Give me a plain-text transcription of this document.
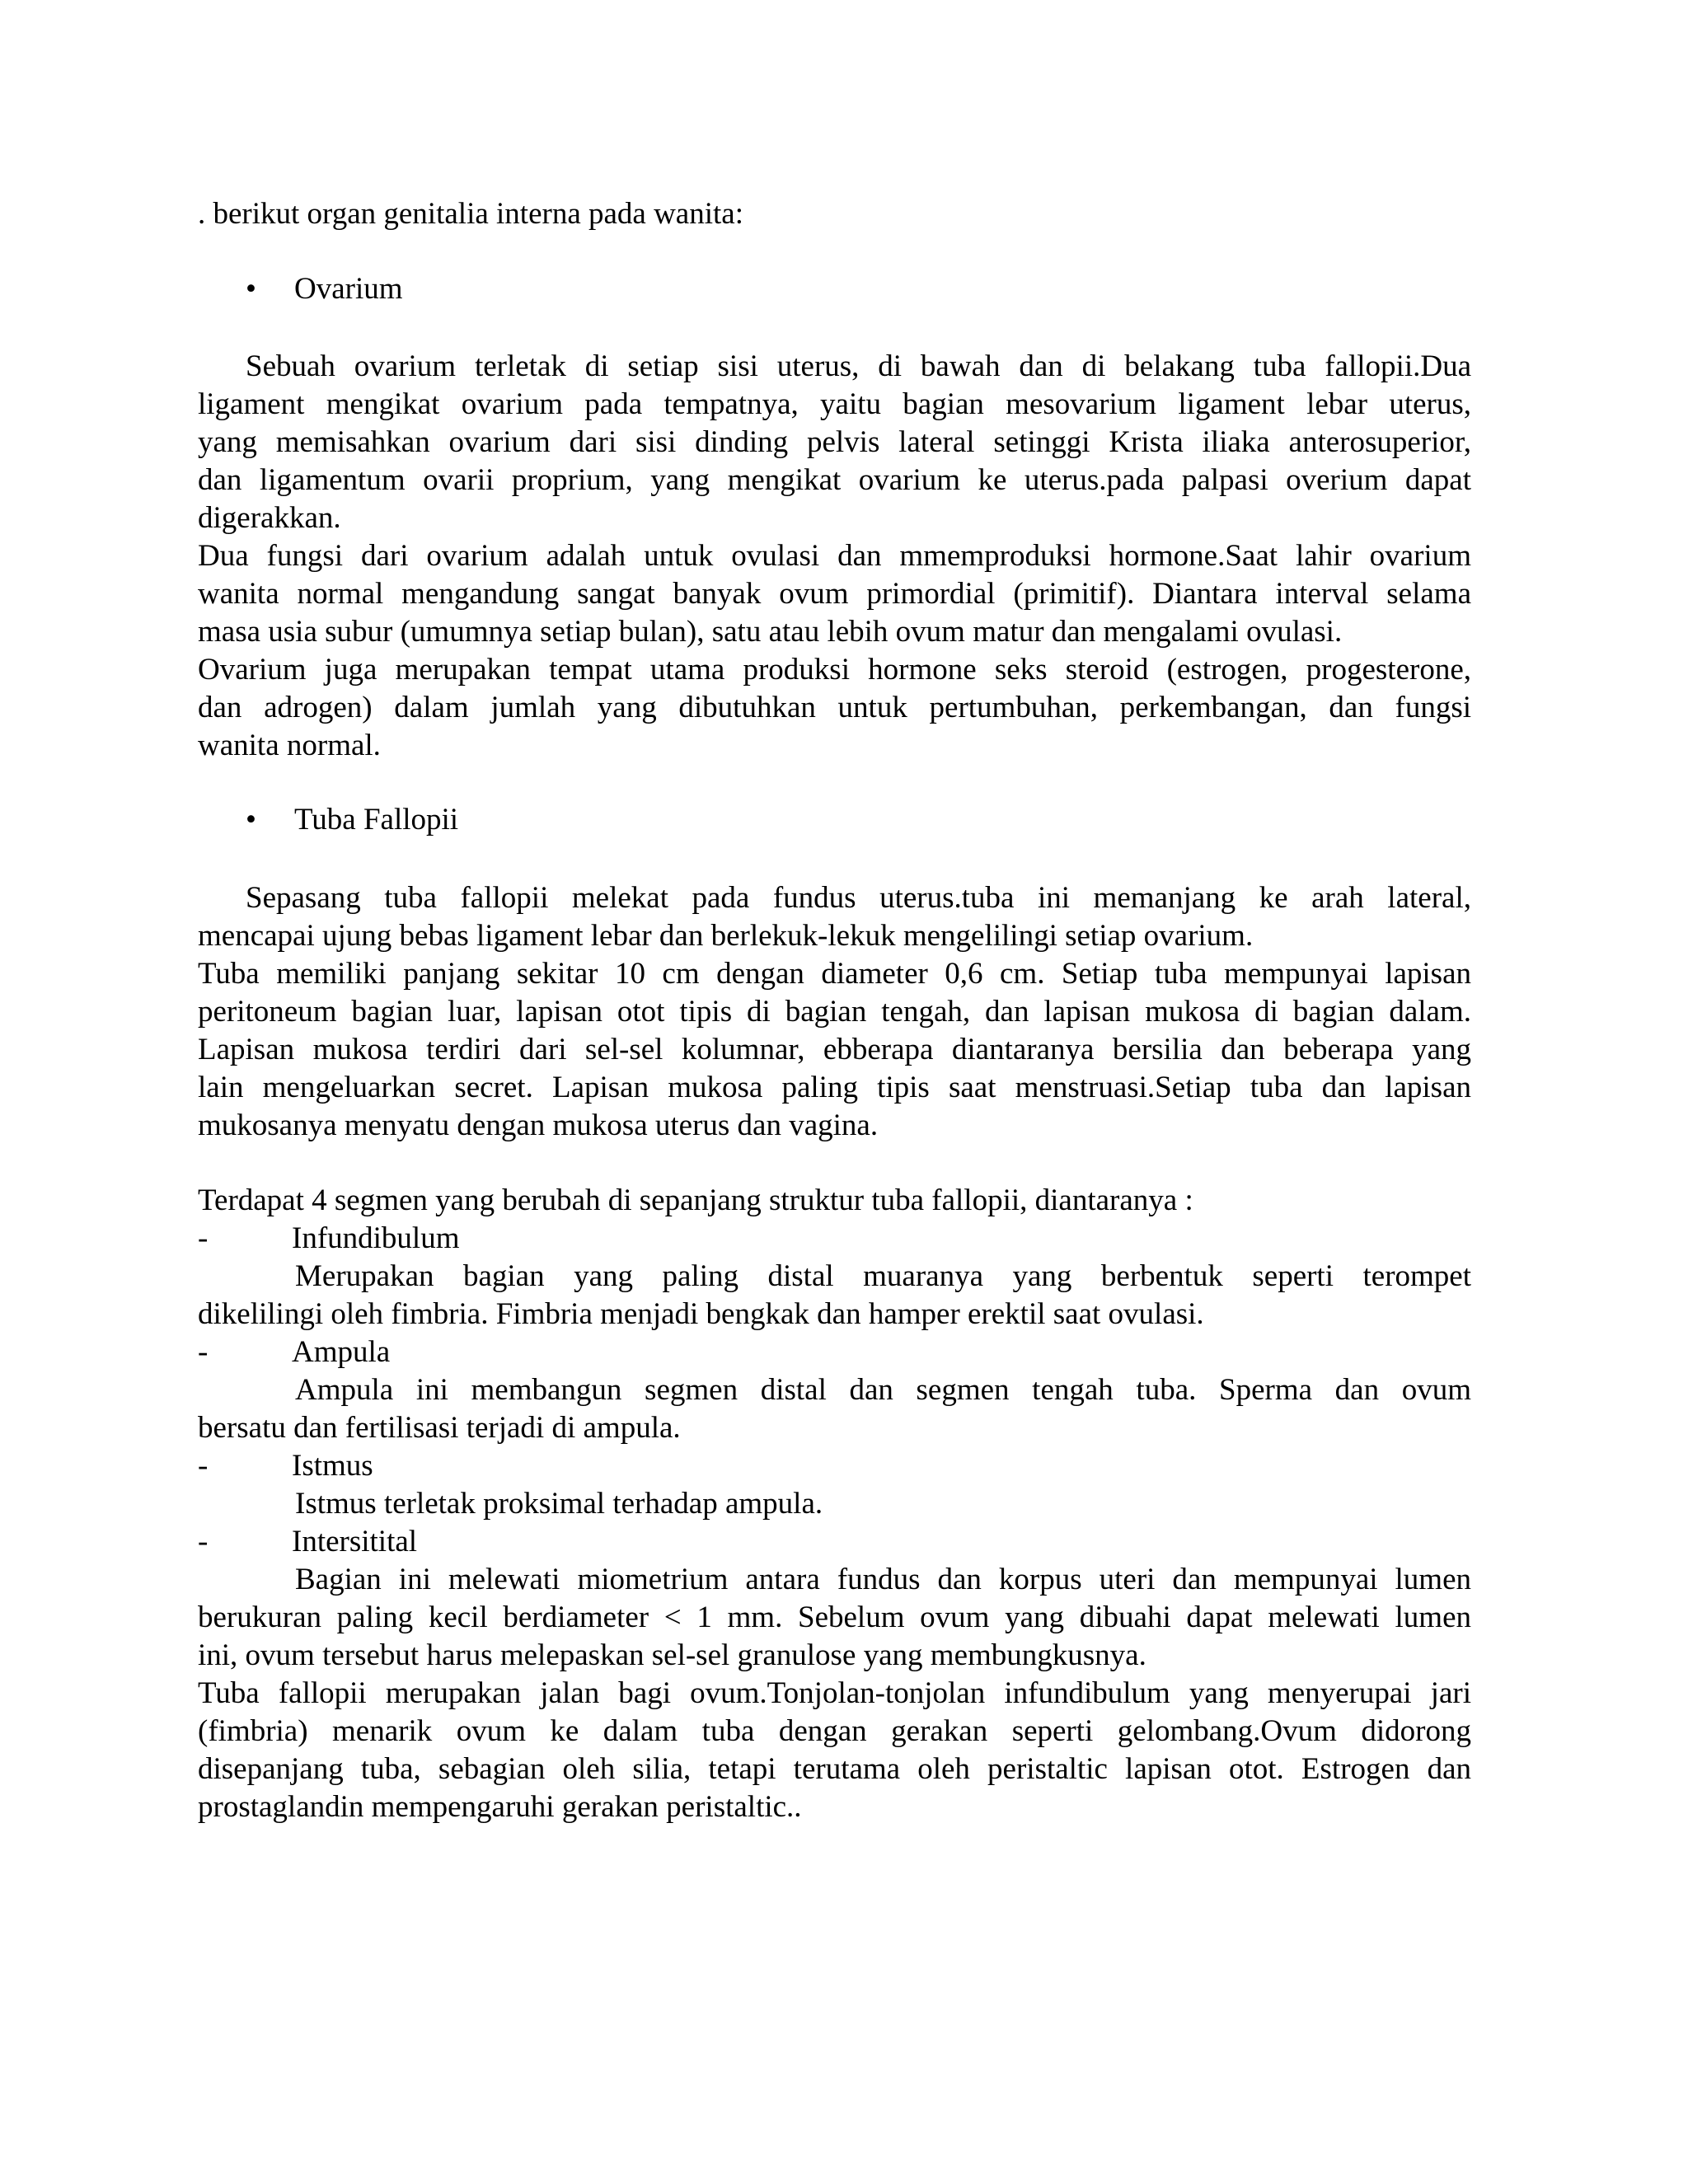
. berikut organ genitalia interna pada wanita:
• Ovarium
Sebuah ovarium terletak di setiap sisi uterus, di bawah dan di belakang tuba fallopii.Dua
ligament mengikat ovarium pada tempatnya, yaitu bagian mesovarium ligament lebar uterus,
yang memisahkan ovarium dari sisi dinding pelvis lateral setinggi Krista iliaka anterosuperior,
dan ligamentum ovarii proprium, yang mengikat ovarium ke uterus.pada palpasi overium dapat
digerakkan.
Dua fungsi dari ovarium adalah untuk ovulasi dan mmemproduksi hormone.Saat lahir ovarium
wanita normal mengandung sangat banyak ovum primordial (primitif). Diantara interval selama
masa usia subur (umumnya setiap bulan), satu atau lebih ovum matur dan mengalami ovulasi.
Ovarium juga merupakan tempat utama produksi hormone seks steroid (estrogen, progesterone,
dan adrogen) dalam jumlah yang dibutuhkan untuk pertumbuhan, perkembangan, dan fungsi
wanita normal.
• Tuba Fallopii
Sepasang tuba fallopii melekat pada fundus uterus.tuba ini memanjang ke arah lateral,
mencapai ujung bebas ligament lebar dan berlekuk-lekuk mengelilingi setiap ovarium.
Tuba memiliki panjang sekitar 10 cm dengan diameter 0,6 cm. Setiap tuba mempunyai lapisan
peritoneum bagian luar, lapisan otot tipis di bagian tengah, dan lapisan mukosa di bagian dalam.
Lapisan mukosa terdiri dari sel-sel kolumnar, ebberapa diantaranya bersilia dan beberapa yang
lain mengeluarkan secret. Lapisan mukosa paling tipis saat menstruasi.Setiap tuba dan lapisan
mukosanya menyatu dengan mukosa uterus dan vagina.
Terdapat 4 segmen yang berubah di sepanjang struktur tuba fallopii, diantaranya :
-	Infundibulum
Merupakan bagian yang paling distal muaranya yang berbentuk seperti terompet
dikelilingi oleh fimbria. Fimbria menjadi bengkak dan hamper erektil saat ovulasi.
-	Ampula
Ampula ini membangun segmen distal dan segmen tengah tuba. Sperma dan ovum
bersatu dan fertilisasi terjadi di ampula.
-	Istmus
Istmus terletak proksimal terhadap ampula.
-	Intersitital
Bagian ini melewati miometrium antara fundus dan korpus uteri dan mempunyai lumen
berukuran paling kecil berdiameter < 1 mm. Sebelum ovum yang dibuahi dapat melewati lumen
ini, ovum tersebut harus melepaskan sel-sel granulose yang membungkusnya.
Tuba fallopii merupakan jalan bagi ovum.Tonjolan-tonjolan infundibulum yang menyerupai jari
(fimbria) menarik ovum ke dalam tuba dengan gerakan seperti gelombang.Ovum didorong
disepanjang tuba, sebagian oleh silia, tetapi terutama oleh peristaltic lapisan otot. Estrogen dan
prostaglandin mempengaruhi gerakan peristaltic..
